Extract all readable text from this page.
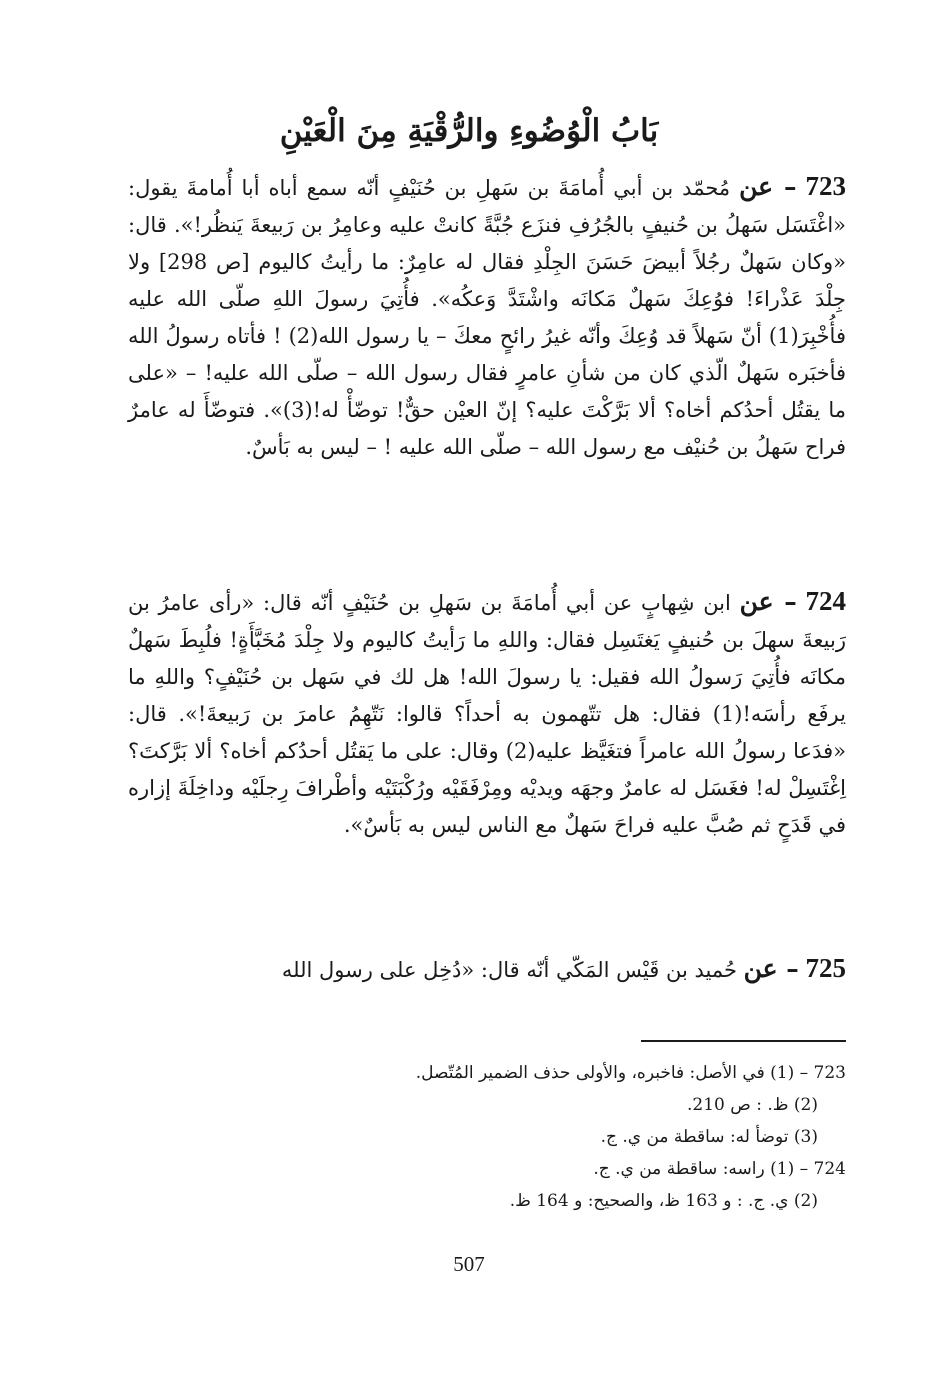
بَابُ الْوُضُوءِ والرُّقْيَةِ مِنَ الْعَيْنِ
723 – عن مُحمّد بن أبي أُمامَةَ بن سَهلِ بن حُنَيْفٍ أنّه سمع أباه أبا أُمامةَ يقول: «اغْتَسَل سَهلُ بن حُنيفٍ بالجُرُفِ فنزَع جُبَّةً كانتْ عليه وعامِرُ بن رَبيعةَ يَنظُر!». قال: «وكان سَهلٌ رجُلاً أبيضَ حَسَنَ الجِلْدِ فقال له عامِرٌ: ما رأيتُ كاليوم [ص 298] ولا جِلْدَ عَذْراءَ! فوُعِكَ سَهلٌ مَكانَه واشْتَدَّ وَعكُه». فأُتِيَ رسولَ اللهِ صلّى الله عليه فأُخْبِرَ(1) أنّ سَهلاً قد وُعِكَ وأنّه غيرُ رائحٍ معكَ – يا رسول الله(2) ! فأتاه رسولُ الله فأخبَره سَهلٌ الّذي كان من شأنِ عامرٍ فقال رسول الله – صلّى الله عليه! – «على ما يقتُل أحدُكم أخاه؟ ألا بَرَّكْتَ عليه؟ إنّ العيْن حقٌّ! توضّأْ له!(3)». فتوضّأَ له عامرٌ فراح سَهلُ بن حُنيْف مع رسول الله – صلّى الله عليه ! – ليس به بَأسٌ.
724 – عن ابن شِهابٍ عن أبي أُمامَةَ بن سَهلِ بن حُنَيْفٍ أنّه قال: «رأى عامرُ بن رَبيعةَ سهلَ بن حُنيفٍ يَغتَسِل فقال: واللهِ ما رَأيتُ كاليوم ولا جِلْدَ مُخَبَّأَةٍ! فلُبِطَ سَهلٌ مكانَه فأُتِيَ رَسولُ الله فقيل: يا رسولَ الله! هل لك في سَهل بن حُنَيْفٍ؟ واللهِ ما يرفَع رأسَه!(1) فقال: هل تتّهمون به أحداً؟ قالوا: نَتّهِمُ عامرَ بن رَبيعةَ!». قال: «فدَعا رسولُ الله عامراً فتغَيَّظ عليه(2) وقال: على ما يَقتُل أحدُكم أخاه؟ ألا بَرَّكتَ؟ اِغْتَسِلْ له! فغَسَل له عامرٌ وجهَه ويديْه ومِرْفَقَيْه ورُكْبَتَيْه وأطْرافَ رِجلَيْه وداخِلَةَ إزاره في قَدَحٍ ثم صُبَّ عليه فراحَ سَهلٌ مع الناس ليس به بَأسٌ».
725 – عن حُميد بن قَيْس المَكّي أنّه قال: «دُخِل على رسول الله
723 – (1) في الأصل: فاخبره، والأولى حذف الضمير المُتّصل.
(2) ظ. : ص 210.
(3) توضأ له: ساقطة من ي. ج.
724 – (1) راسه: ساقطة من ي. ج.
(2) ي. ج. : و 163 ظ، والصحيح: و 164 ظ.
507
